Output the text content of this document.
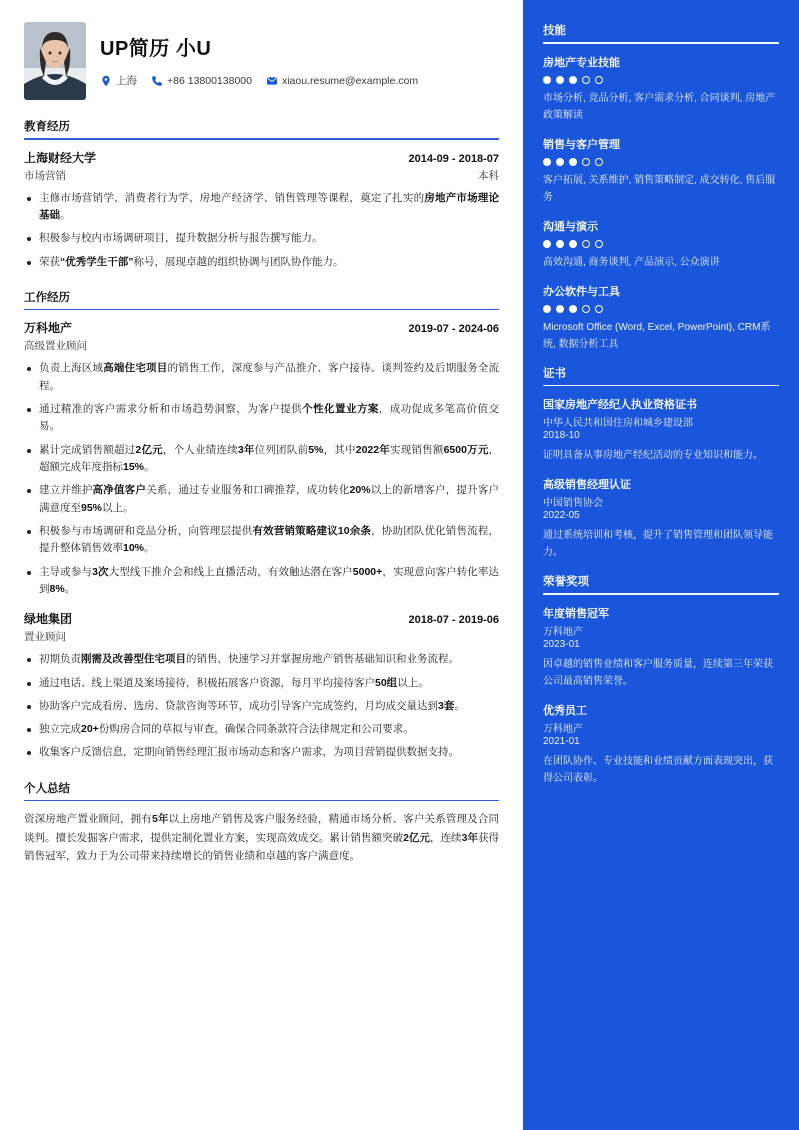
UP简历 小U
上海	+86 13800138000	xiaou.resume@example.com
教育经历
上海财经大学	2014-09 - 2018-07
市场营销	本科
主修市场营销学、消费者行为学、房地产经济学、销售管理等课程，奠定了扎实的房地产市场理论基础。
积极参与校内市场调研项目，提升数据分析与报告撰写能力。
荣获“优秀学生干部”称号，展现卓越的组织协调与团队协作能力。
工作经历
万科地产	2019-07 - 2024-06
高级置业顾问
负责上海区域高端住宅项目的销售工作，深度参与产品推介、客户接待、谈判签约及后期服务全流程。
通过精准的客户需求分析和市场趋势洞察，为客户提供个性化置业方案，成功促成多笔高价值交易。
累计完成销售额超过2亿元，个人业绩连续3年位列团队前5%，其中2022年实现销售额6500万元，超额完成年度指标15%。
建立并维护高净值客户关系，通过专业服务和口碑推荐，成功转化20%以上的新增客户，提升客户满意度至95%以上。
积极参与市场调研和竞品分析，向管理层提供有效营销策略建议10余条，协助团队优化销售流程，提升整体销售效率10%。
主导或参与3次大型线下推介会和线上直播活动，有效触达潜在客户5000+，实现意向客户转化率达到8%。
绿地集团	2018-07 - 2019-06
置业顾问
初期负责刚需及改善型住宅项目的销售，快速学习并掌握房地产销售基础知识和业务流程。
通过电话、线上渠道及案场接待，积极拓展客户资源，每月平均接待客户50组以上。
协助客户完成看房、选房、贷款咨询等环节，成功引导客户完成签约，月均成交量达到3套。
独立完成20+份购房合同的草拟与审查，确保合同条款符合法律规定和公司要求。
收集客户反馈信息，定期向销售经理汇报市场动态和客户需求，为项目营销提供数据支持。
个人总结
资深房地产置业顾问，拥有5年以上房地产销售及客户服务经验，精通市场分析、客户关系管理及合同谈判。擅长发掘客户需求，提供定制化置业方案，实现高效成交。累计销售额突破2亿元，连续3年获得销售冠军，致力于为公司带来持续增长的销售业绩和卓越的客户满意度。
技能
房地产专业技能
市场分析, 竞品分析, 客户需求分析, 合同谈判, 房地产政策解读
销售与客户管理
客户拓展, 关系维护, 销售策略制定, 成交转化, 售后服务
沟通与演示
高效沟通, 商务谈判, 产品演示, 公众演讲
办公软件与工具
Microsoft Office (Word, Excel, PowerPoint), CRM系统, 数据分析工具
证书
国家房地产经纪人执业资格证书
中华人民共和国住房和城乡建设部
2018-10
证明具备从事房地产经纪活动的专业知识和能力。
高级销售经理认证
中国销售协会
2022-05
通过系统培训和考核，提升了销售管理和团队领导能力。
荣誉奖项
年度销售冠军
万科地产
2023-01
因卓越的销售业绩和客户服务质量，连续第三年荣获公司最高销售荣誉。
优秀员工
万科地产
2021-01
在团队协作、专业技能和业绩贡献方面表现突出，获得公司表彰。
